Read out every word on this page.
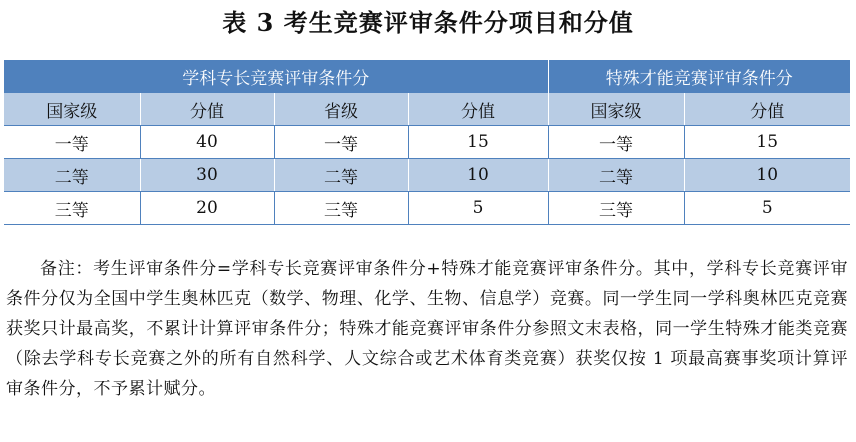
表 3 考生竞赛评审条件分项目和分值
学科专长竞赛评审条件分				特殊才能竞赛评审条件分	
国家级	分值	省级	分值	国家级	分值
一等	40	一等	15	一等	15
二等	30	二等	10	二等	10
三等	20	三等	5	三等	5

备注：考生评审条件分=学科专长竞赛评审条件分+特殊才能竞赛评审条件分。其中，学科专长竞赛评审条件分仅为全国中学生奥林匹克（数学、物理、化学、生物、信息学）竞赛。同一学生同一学科奥林匹克竞赛获奖只计最高奖，不累计计算评审条件分；特殊才能竞赛评审条件分参照文末表格，同一学生特殊才能类竞赛（除去学科专长竞赛之外的所有自然科学、人文综合或艺术体育类竞赛）获奖仅按 1 项最高赛事奖项计算评审条件分，不予累计赋分。
